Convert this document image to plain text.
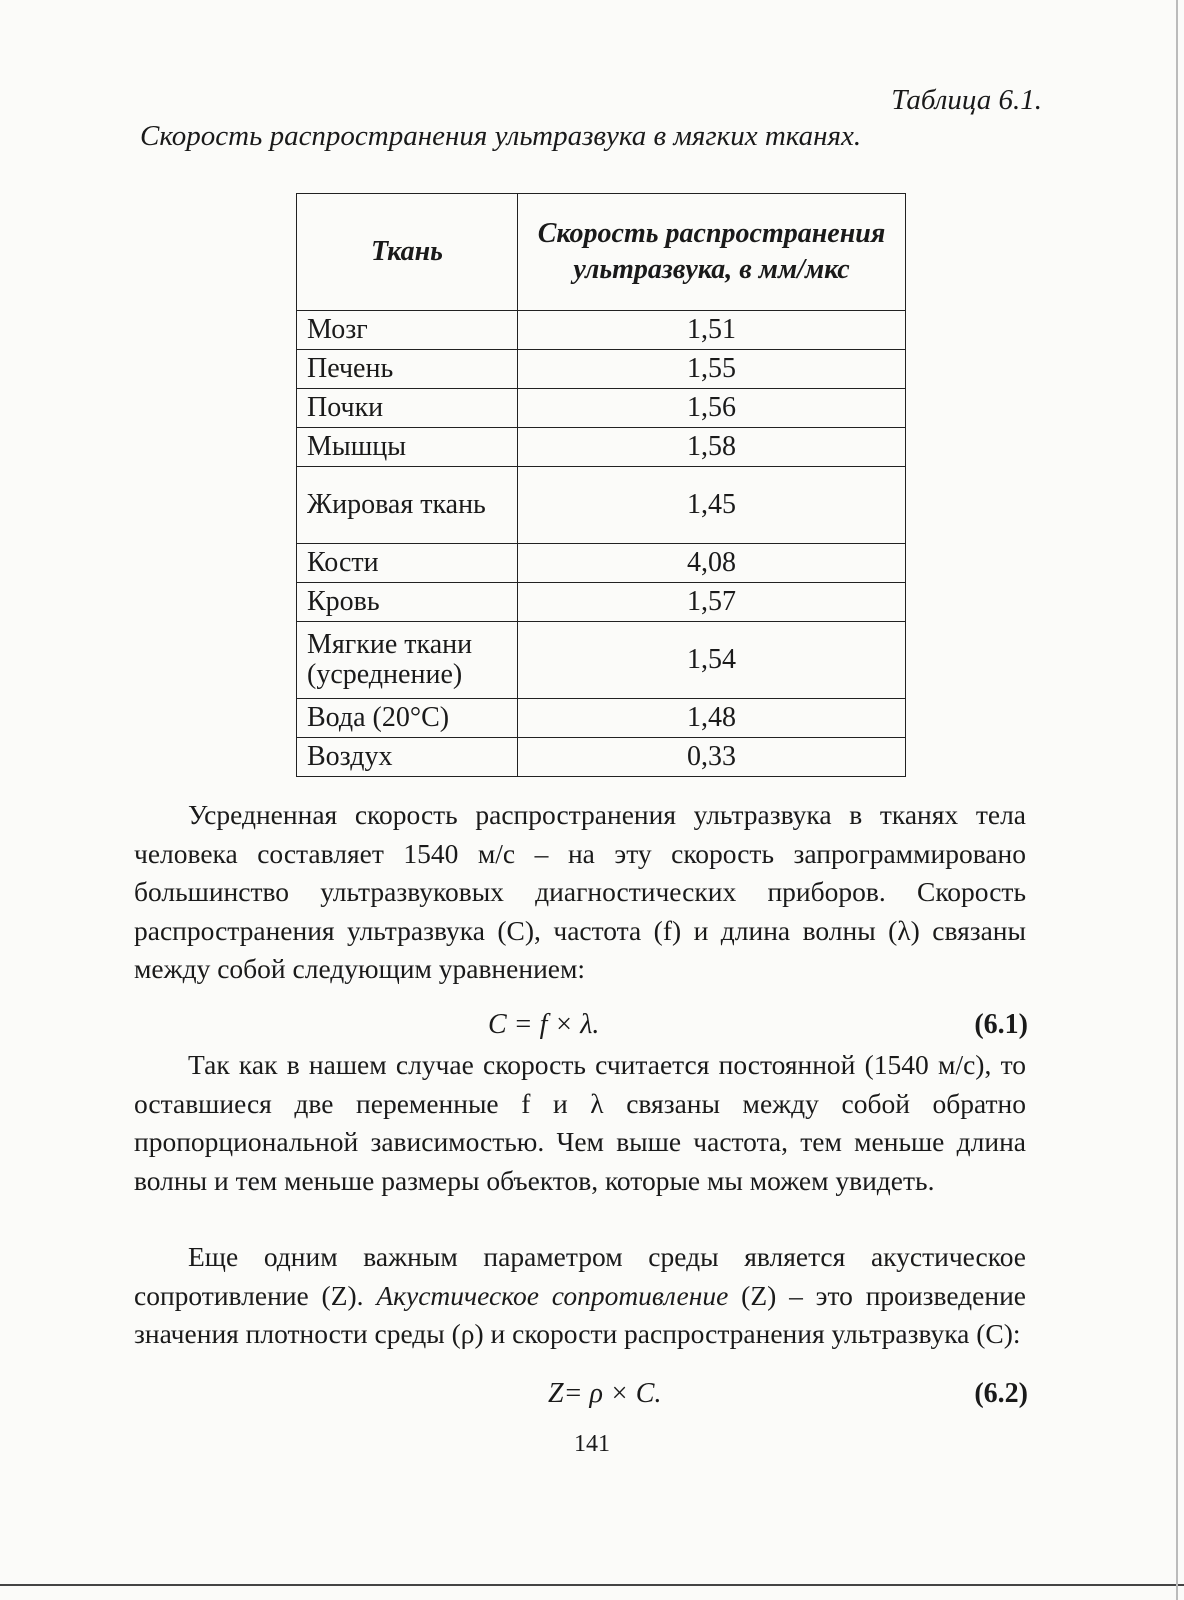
Таблица 6.1.
Скорость распространения ультразвука в мягких тканях.
Ткань	Скорость распространения ультразвука, в мм/мкс
Мозг	1,51
Печень	1,55
Почки	1,56
Мышцы	1,58
Жировая ткань	1,45
Кости	4,08
Кровь	1,57
Мягкие ткани (усреднение)	1,54
Вода (20°С)	1,48
Воздух	0,33
Усредненная скорость распространения ультразвука в тканях тела человека составляет 1540 м/с – на эту скорость запрограммировано большинство ультразвуковых диагностических приборов. Скорость распространения ультразвука (C), частота (f) и длина волны (λ) связаны между собой следующим уравнением:
C = f × λ.	(6.1)
Так как в нашем случае скорость считается постоянной (1540 м/с), то оставшиеся две переменные f и λ связаны между собой обратно пропорциональной зависимостью. Чем выше частота, тем меньше длина волны и тем меньше размеры объектов, которые мы можем увидеть.
Еще одним важным параметром среды является акустическое сопротивление (Z). Акустическое сопротивление (Z) – это произведение значения плотности среды (ρ) и скорости распространения ультразвука (C):
Z= ρ × C.	(6.2)
141
